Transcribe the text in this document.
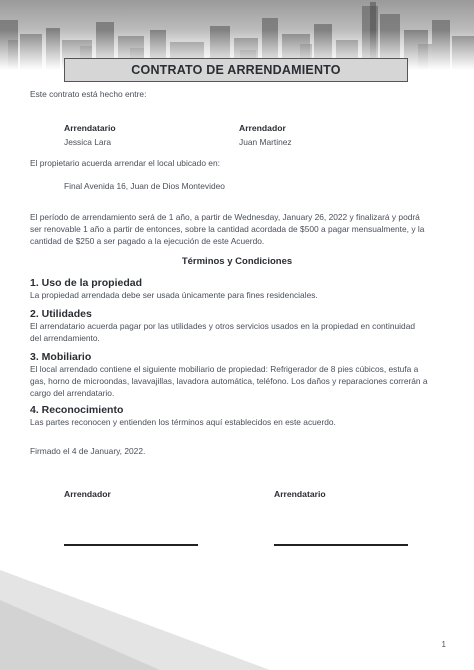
CONTRATO DE ARRENDAMIENTO
Este contrato está hecho entre:
Arrendatario
Jessica Lara
Arrendador
Juan Martinez
El propietario acuerda arrendar el local ubicado en:
Final Avenida 16, Juan de Dios Montevideo
El período de arrendamiento será de 1 año, a partir de Wednesday, January 26, 2022 y finalizará y podrá
ser renovable 1 año a partir de entonces, sobre la cantidad acordada de $500 a pagar mensualmente, y la
cantidad de $250 a ser pagado a la ejecución de este Acuerdo.
Términos y Condiciones
1. Uso de la propiedad
La propiedad arrendada debe ser usada únicamente para fines residenciales.
2. Utilidades
El arrendatario acuerda pagar por las utilidades y otros servicios usados en la propiedad en continuidad
del arrendamiento.
3. Mobiliario
El local arrendado contiene el siguiente mobiliario de propiedad: Refrigerador de 8 pies cúbicos, estufa a
gas, horno de microondas, lavavajillas, lavadora automática, teléfono. Los daños y reparaciones correrán a
cargo del arrendatario.
4. Reconocimiento
Las partes reconocen y entienden los términos aquí establecidos en este acuerdo.
Firmado el 4 de January, 2022.
Arrendador	Arrendatario
1
